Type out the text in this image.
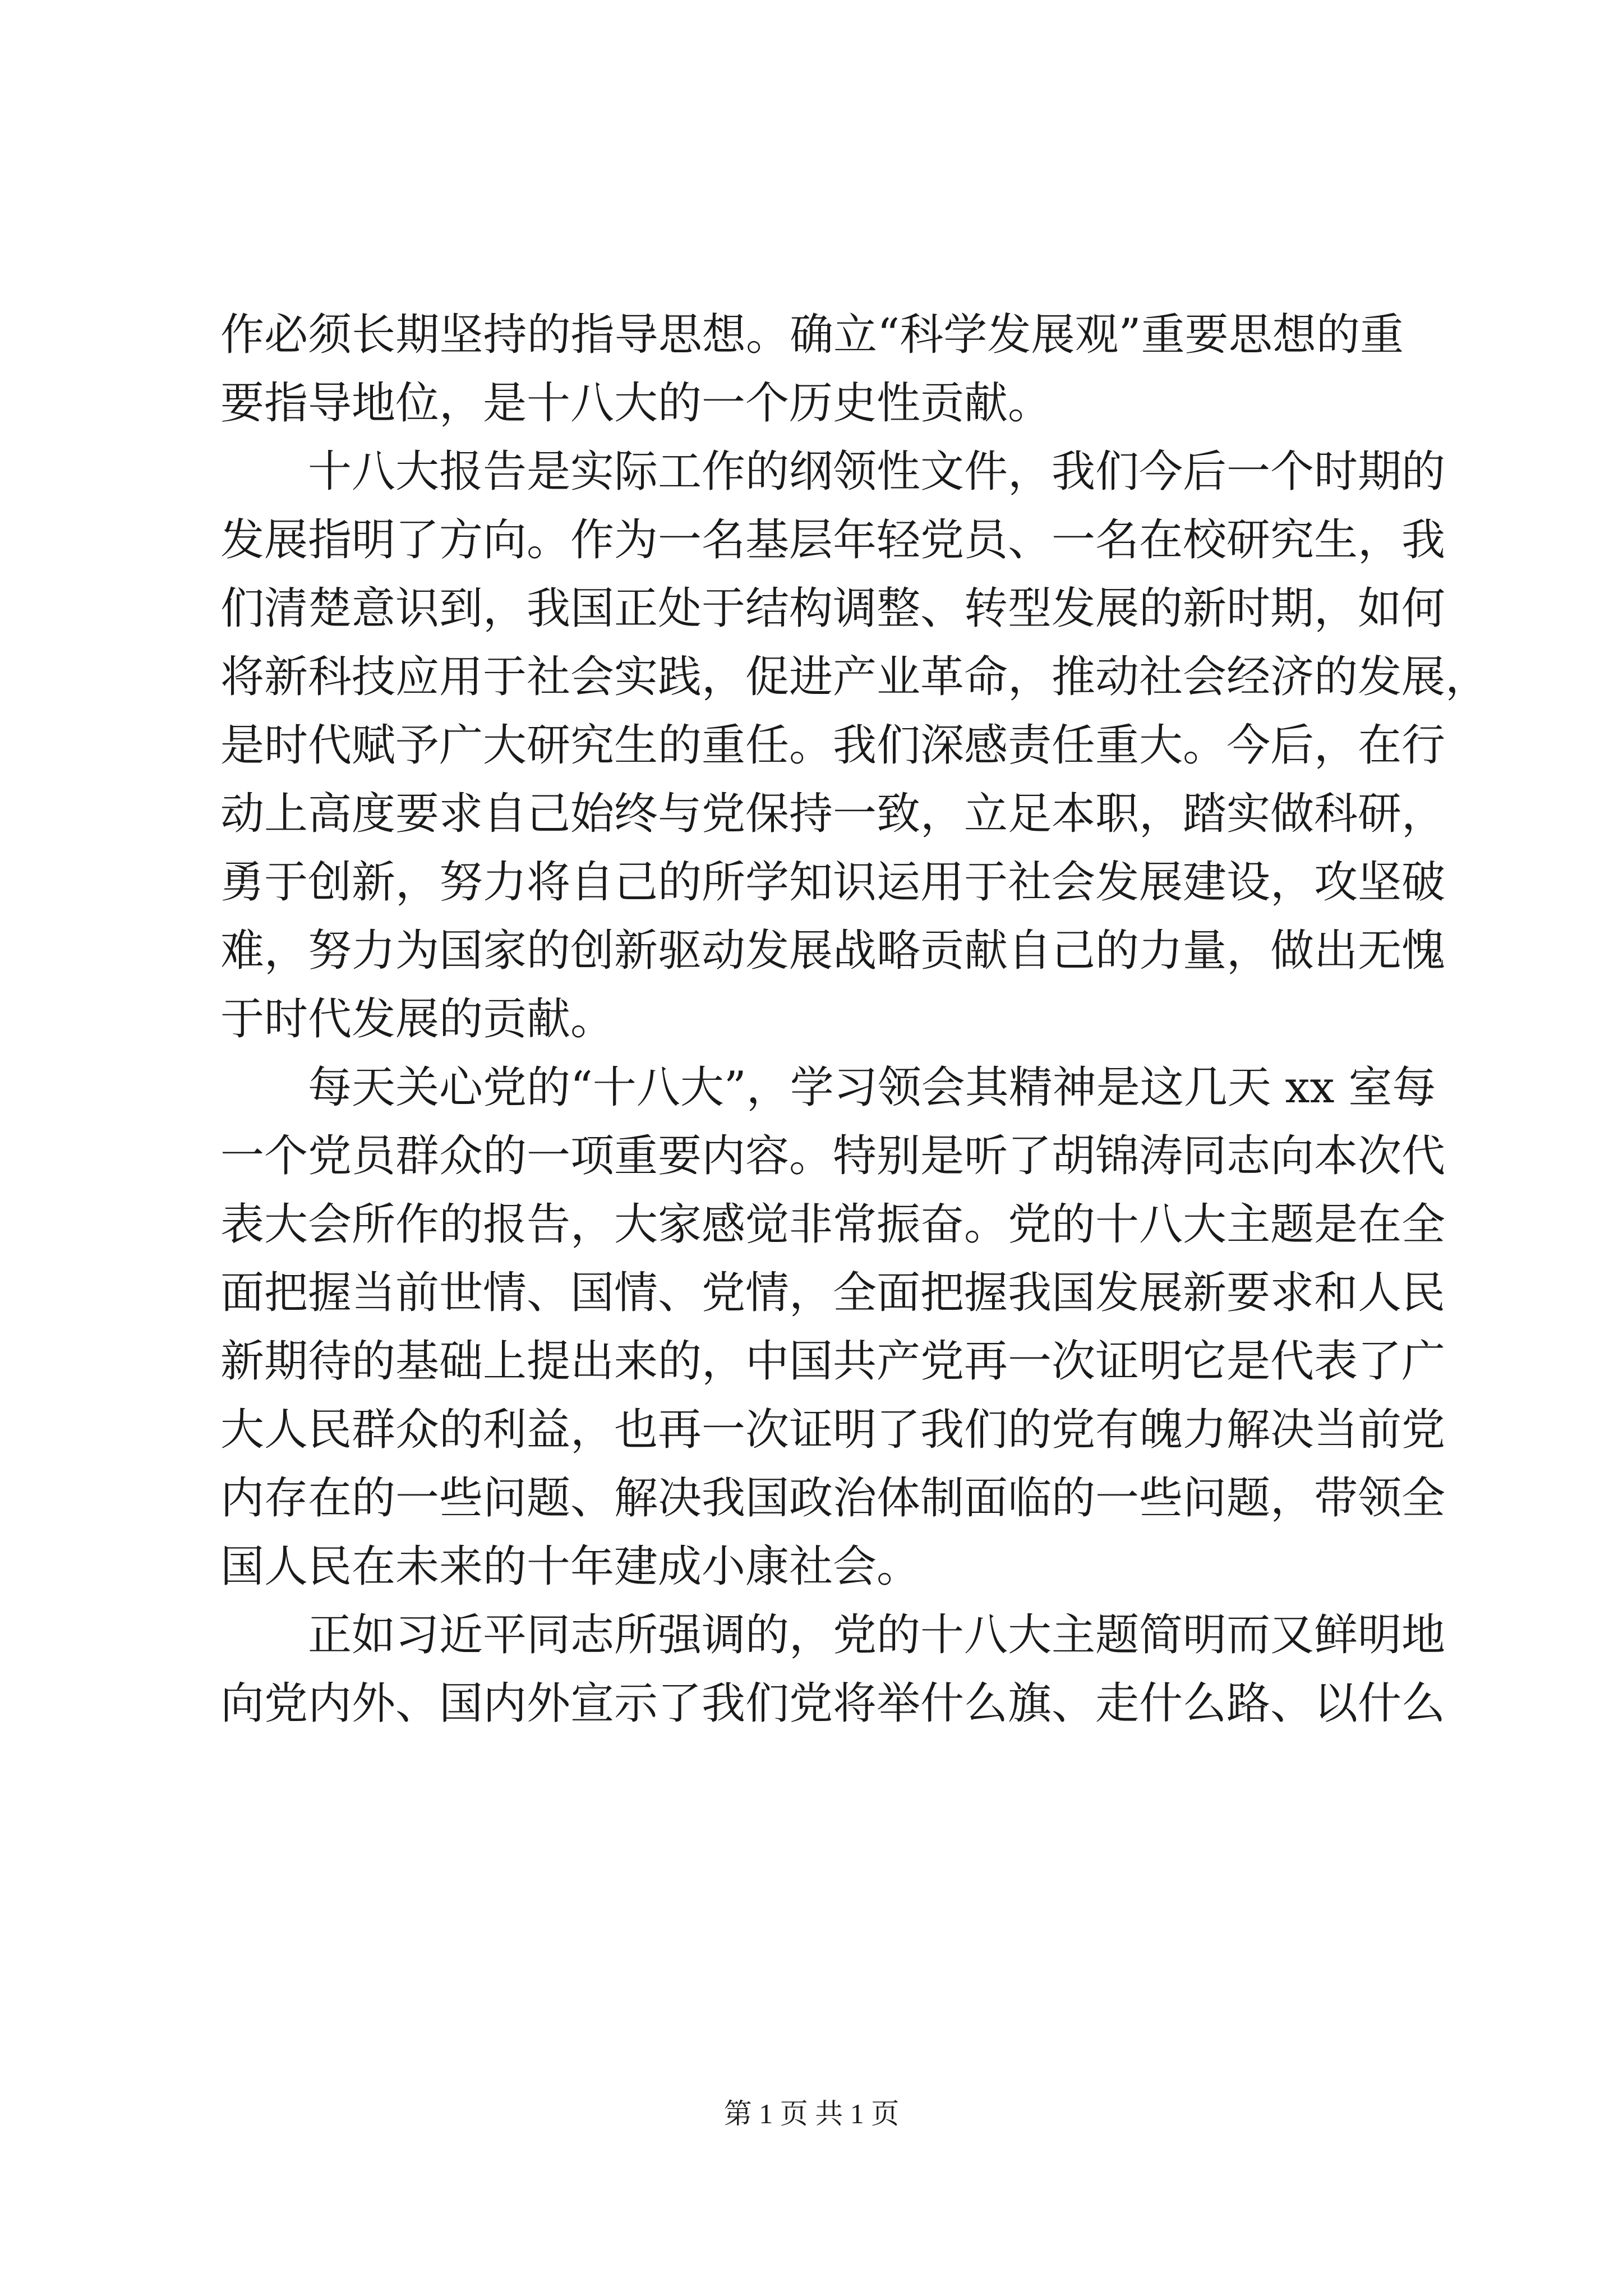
作必须长期坚持的指导思想。确立“科学发展观”重要思想的重
要指导地位，是十八大的一个历史性贡献。
　　十八大报告是实际工作的纲领性文件，我们今后一个时期的
发展指明了方向。作为一名基层年轻党员、一名在校研究生，我
们清楚意识到，我国正处于结构调整、转型发展的新时期，如何
将新科技应用于社会实践，促进产业革命，推动社会经济的发展，
是时代赋予广大研究生的重任。我们深感责任重大。今后，在行
动上高度要求自己始终与党保持一致，立足本职，踏实做科研，
勇于创新，努力将自己的所学知识运用于社会发展建设，攻坚破
难，努力为国家的创新驱动发展战略贡献自己的力量，做出无愧
于时代发展的贡献。
　　每天关心党的“十八大”，学习领会其精神是这几天 xx 室每
一个党员群众的一项重要内容。特别是听了胡锦涛同志向本次代
表大会所作的报告，大家感觉非常振奋。党的十八大主题是在全
面把握当前世情、国情、党情，全面把握我国发展新要求和人民
新期待的基础上提出来的，中国共产党再一次证明它是代表了广
大人民群众的利益，也再一次证明了我们的党有魄力解决当前党
内存在的一些问题、解决我国政治体制面临的一些问题，带领全
国人民在未来的十年建成小康社会。
　　正如习近平同志所强调的，党的十八大主题简明而又鲜明地
向党内外、国内外宣示了我们党将举什么旗、走什么路、以什么
第 1 页 共 1 页
